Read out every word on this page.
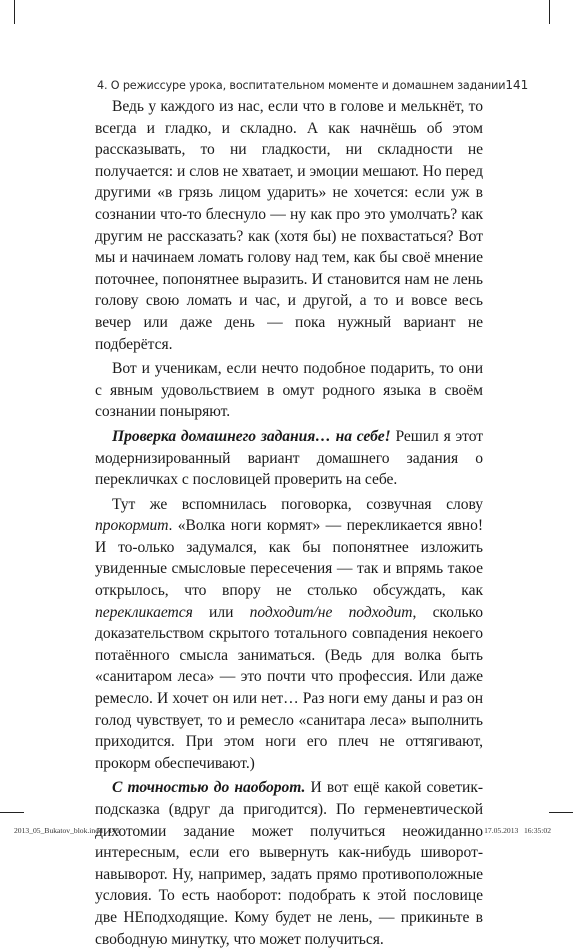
4. О режиссуре урока, воспитательном моменте и домашнем задании 141

Ведь у каждого из нас, если что в голове и мелькнёт, то всегда и гладко, и складно. А как начнёшь об этом рассказывать, то ни гладкости, ни складности не получается: и слов не хватает, и эмоции мешают. Но перед другими «в грязь лицом ударить» не хочется: если уж в сознании что-то блеснуло — ну как про это умолчать? как другим не рассказать? как (хотя бы) не похвастаться? Вот мы и начинаем ломать голову над тем, как бы своё мнение поточнее, попонятнее выразить. И становится нам не лень голову свою ломать и час, и другой, а то и вовсе весь вечер или даже день — пока нужный вариант не подберётся.

Вот и ученикам, если нечто подобное подарить, то они с явным удовольствием в омут родного языка в своём сознании поныряют.

Проверка домашнего задания… на себе! Решил я этот модернизированный вариант домашнего задания о перекличках с пословицей проверить на себе.

Тут же вспомнилась поговорка, созвучная слову прокормит. «Волка ноги кормят» — перекликается явно! И то-олько задумался, как бы попонятнее изложить увиденные смысловые пересечения — так и впрямь такое открылось, что впору не столько обсуждать, как перекликается или подходит/не подходит, сколько доказательством скрытого тотального совпадения некоего потаённого смысла заниматься. (Ведь для волка быть «санитаром леса» — это почти что профессия. Или даже ремесло. И хочет он или нет… Раз ноги ему даны и раз он голод чувствует, то и ремесло «санитара леса» выполнить приходится. При этом ноги его плеч не оттягивают, прокорм обеспечивают.)

С точностью до наоборот. И вот ещё какой советик-подсказка (вдруг да пригодится). По герменевтической дихотомии задание может получиться неожиданно интересным, если его вывернуть как-нибудь шиворот-навыворот. Ну, например, задать прямо противоположные условия. То есть наоборот: подобрать к этой пословице две НЕподходящие. Кому будет не лень, — прикиньте в свободную минутку, что может получиться.

2013_05_Bukatov_blok.indd   141	17.05.2013   16:35:02
